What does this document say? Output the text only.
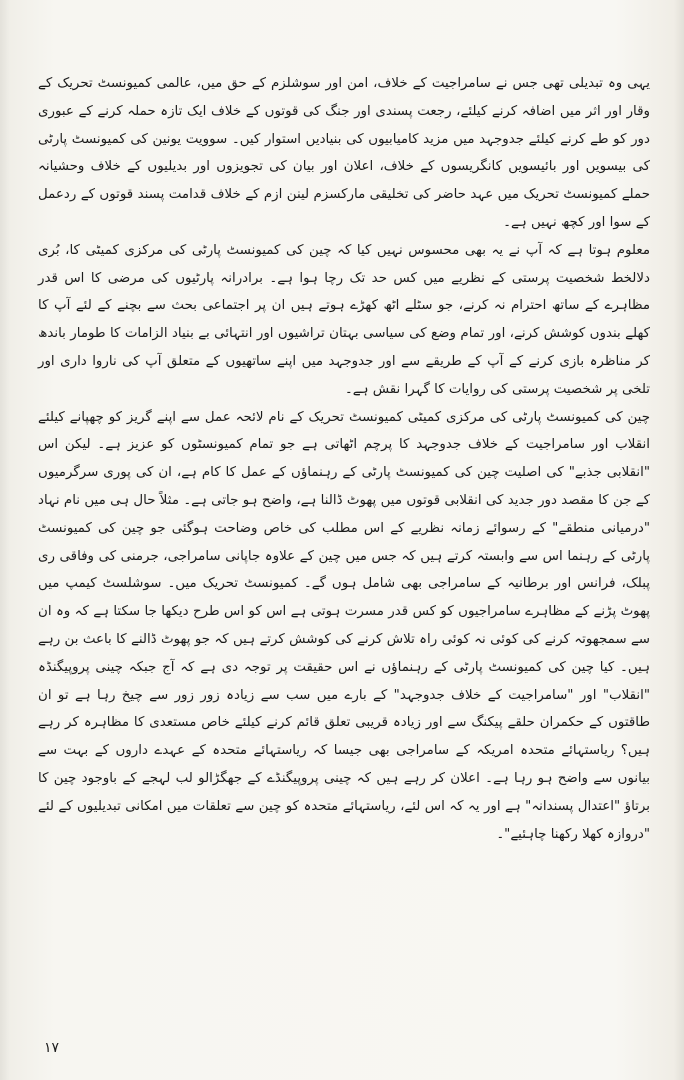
یہی وہ تبدیلی تھی جس نے سامراجیت کے خلاف، امن اور سوشلزم کے حق میں، عالمی کمیونسٹ تحریک کے وقار اور اثر میں اضافہ کرنے کیلئے، رجعت پسندی اور جنگ کی قوتوں کے خلاف ایک تازہ حملہ کرنے کے عبوری دور کو طے کرنے کیلئے جدوجہد میں مزید کامیابیوں کی بنیادیں استوار کیں۔ سوویت یونین کی کمیونسٹ پارٹی کی بیسویں اور بائیسویں کانگریسوں کے خلاف، اعلان اور بیان کی تجویزوں اور بدیلیوں کے خلاف وحشیانہ حملے کمیونسٹ تحریک میں عہد حاضر کی تخلیقی مارکسزم لینن ازم کے خلاف قدامت پسند قوتوں کے ردعمل کے سوا اور کچھ نہیں ہے۔

معلوم ہوتا ہے کہ آپ نے یہ بھی محسوس نہیں کیا کہ چین کی کمیونسٹ پارٹی کی مرکزی کمیٹی کا، بُری دلالخط شخصیت پرستی کے نظریے میں کس حد تک رچا ہوا ہے۔ برادرانہ پارٹیوں کی مرضی کا اس قدر مظاہرے کے ساتھ احترام نہ کرنے، جو سٹلے اٹھ کھڑے ہوتے ہیں ان پر اجتماعی بحث سے بچنے کے لئے آپ کا کھلے بندوں کوشش کرنے، اور تمام وضع کی سیاسی بہتان تراشیوں اور انتہائی بے بنیاد الزامات کا طومار باندھ کر مناظرہ بازی کرنے کے آپ کے طریقے سے اور جدوجہد میں اپنے ساتھیوں کے متعلق آپ کی ناروا داری اور تلخی پر شخصیت پرستی کی روایات کا گہرا نقش ہے۔

چین کی کمیونسٹ پارٹی کی مرکزی کمیٹی کمیونسٹ تحریک کے نام لائحہ عمل سے اپنے گریز کو چھپانے کیلئے انقلاب اور سامراجیت کے خلاف جدوجہد کا پرچم اٹھاتی ہے جو تمام کمیونسٹوں کو عزیز ہے۔ لیکن اس "انقلابی جذبے" کی اصلیت چین کی کمیونسٹ پارٹی کے رہنماؤں کے عمل کا کام ہے، ان کی پوری سرگرمیوں کے جن کا مقصد دور جدید کی انقلابی قوتوں میں پھوٹ ڈالنا ہے، واضح ہو جاتی ہے۔ مثلاً حال ہی میں نام نہاد "درمیانی منطقے" کے رسوائے زمانہ نظریے کے اس مطلب کی خاص وضاحت ہوگئی جو چین کی کمیونسٹ پارٹی کے رہنما اس سے وابستہ کرتے ہیں کہ جس میں چین کے علاوہ جاپانی سامراجی، جرمنی کی وفاقی ری پبلک، فرانس اور برطانیہ کے سامراجی بھی شامل ہوں گے۔ کمیونسٹ تحریک میں۔ سوشلسٹ کیمپ میں پھوٹ پڑنے کے مظاہرے سامراجیوں کو کس قدر مسرت ہوتی ہے اس کو اس طرح دیکھا جا سکتا ہے کہ وہ ان سے سمجھوتہ کرنے کی کوئی نہ کوئی راہ تلاش کرنے کی کوشش کرتے ہیں کہ جو پھوٹ ڈالنے کا باعث بن رہے ہیں۔ کیا چین کی کمیونسٹ پارٹی کے رہنماؤں نے اس حقیقت پر توجہ دی ہے کہ آج جبکہ چینی پروپیگنڈہ "انقلاب" اور "سامراجیت کے خلاف جدوجہد" کے بارے میں سب سے زیادہ زور زور سے چیخ رہا ہے تو ان طاقتوں کے حکمران حلقے پیکنگ سے اور زیادہ قریبی تعلق قائم کرنے کیلئے خاص مستعدی کا مظاہرہ کر رہے ہیں؟ ریاستہائے متحدہ امریکہ کے سامراجی بھی جیسا کہ ریاستہائے متحدہ کے عہدے داروں کے بہت سے بیانوں سے واضح ہو رہا ہے۔ اعلان کر رہے ہیں کہ چینی پروپیگنڈے کے جھگڑالو لب لہجے کے باوجود چین کا برتاؤ "اعتدال پسندانہ" ہے اور یہ کہ اس لئے، ریاستہائے متحدہ کو چین سے تعلقات میں امکانی تبدیلیوں کے لئے "دروازہ کھلا رکھنا چاہئیے"۔

۱۷
